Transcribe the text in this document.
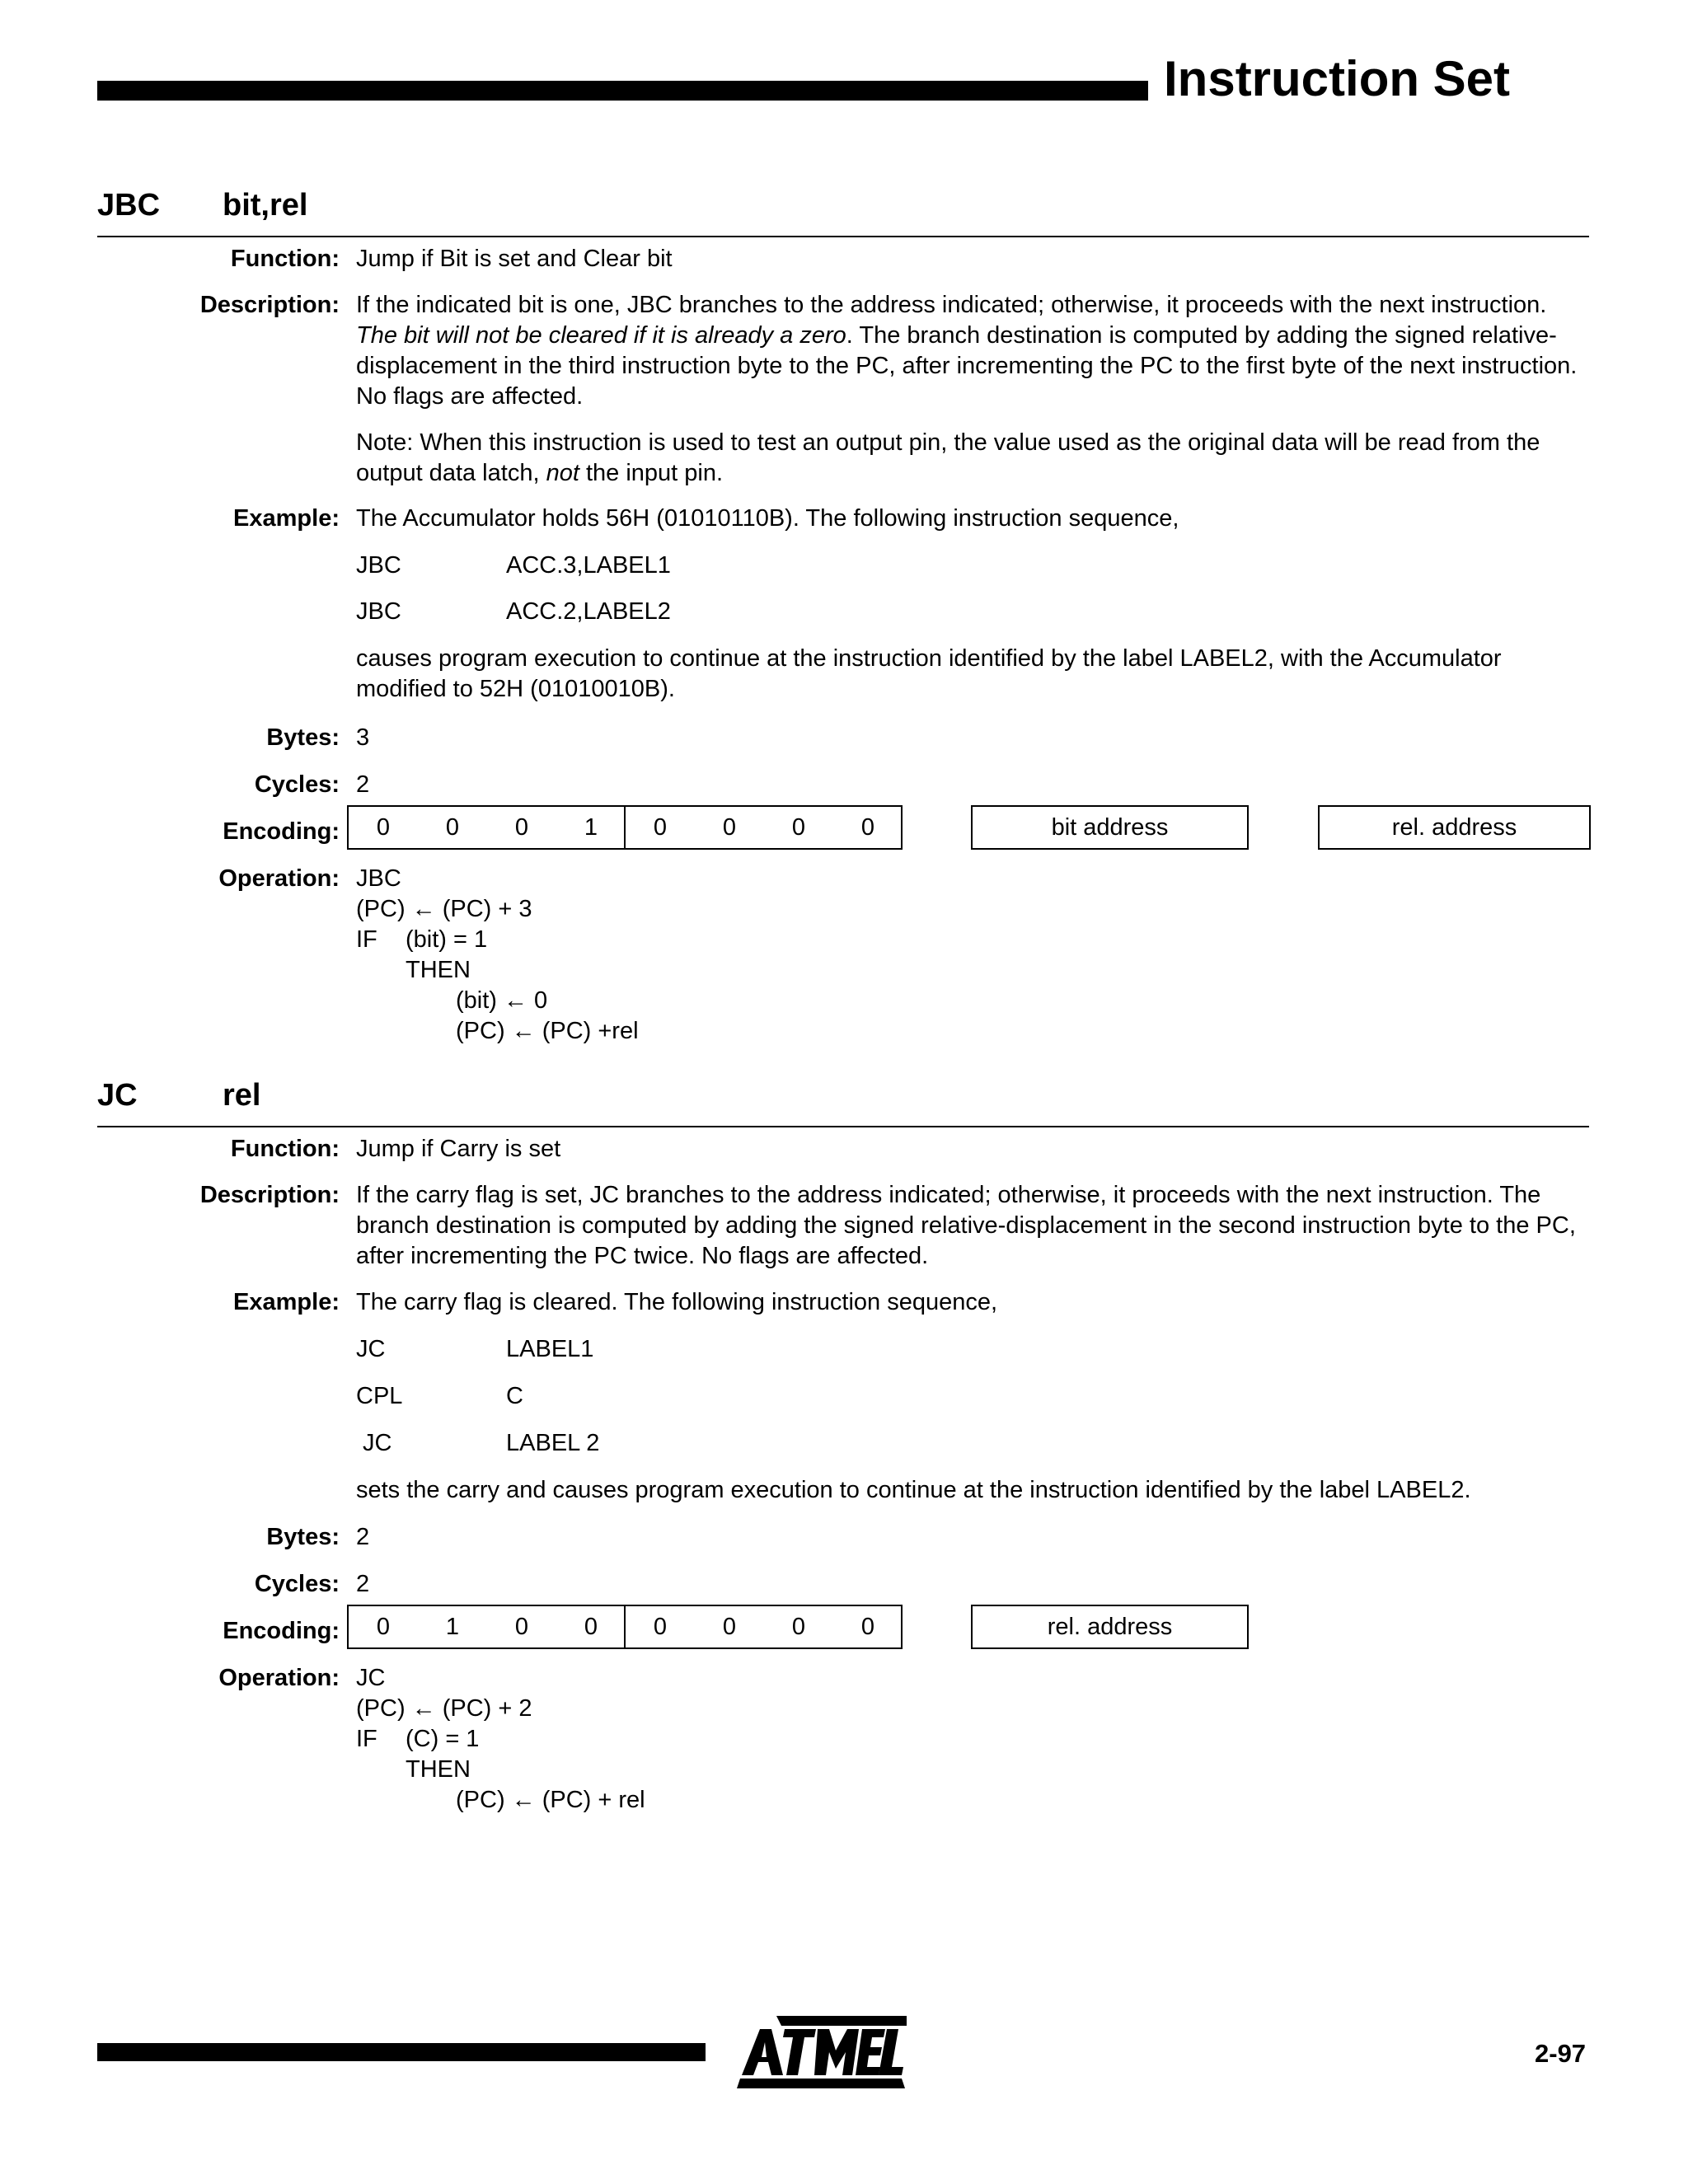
Instruction Set
JBC bit,rel
Function: Jump if Bit is set and Clear bit
Description: If the indicated bit is one, JBC branches to the address indicated; otherwise, it proceeds with the next instruction. The bit will not be cleared if it is already a zero. The branch destination is computed by adding the signed relative-displacement in the third instruction byte to the PC, after incrementing the PC to the first byte of the next instruction. No flags are affected.

Note: When this instruction is used to test an output pin, the value used as the original data will be read from the output data latch, not the input pin.

Example: The Accumulator holds 56H (01010110B). The following instruction sequence,
JBC	ACC.3,LABEL1
JBC	ACC.2,LABEL2
causes program execution to continue at the instruction identified by the label LABEL2, with the Accumulator modified to 52H (01010010B).
Bytes: 3
Cycles: 2
Encoding:	0	0	0	1	0	0	0	0	bit address	rel. address
Operation: JBC
(PC) ← (PC) + 3
IF (bit) = 1
THEN
(bit) ← 0
(PC) ← (PC) +rel
JC	rel
Function: Jump if Carry is set
Description: If the carry flag is set, JC branches to the address indicated; otherwise, it proceeds with the next instruction. The branch destination is computed by adding the signed relative-displacement in the second instruction byte to the PC, after incrementing the PC twice. No flags are affected.
Example: The carry flag is cleared. The following instruction sequence,
JC	LABEL1
CPL	C
JC	LABEL 2
sets the carry and causes program execution to continue at the instruction identified by the label LABEL2.
Bytes: 2
Cycles: 2
Encoding:	0	1	0	0	0	0	0	0	rel. address
Operation: JC
(PC) ← (PC) + 2
IF (C) = 1
THEN
(PC) ← (PC) + rel
2-97
